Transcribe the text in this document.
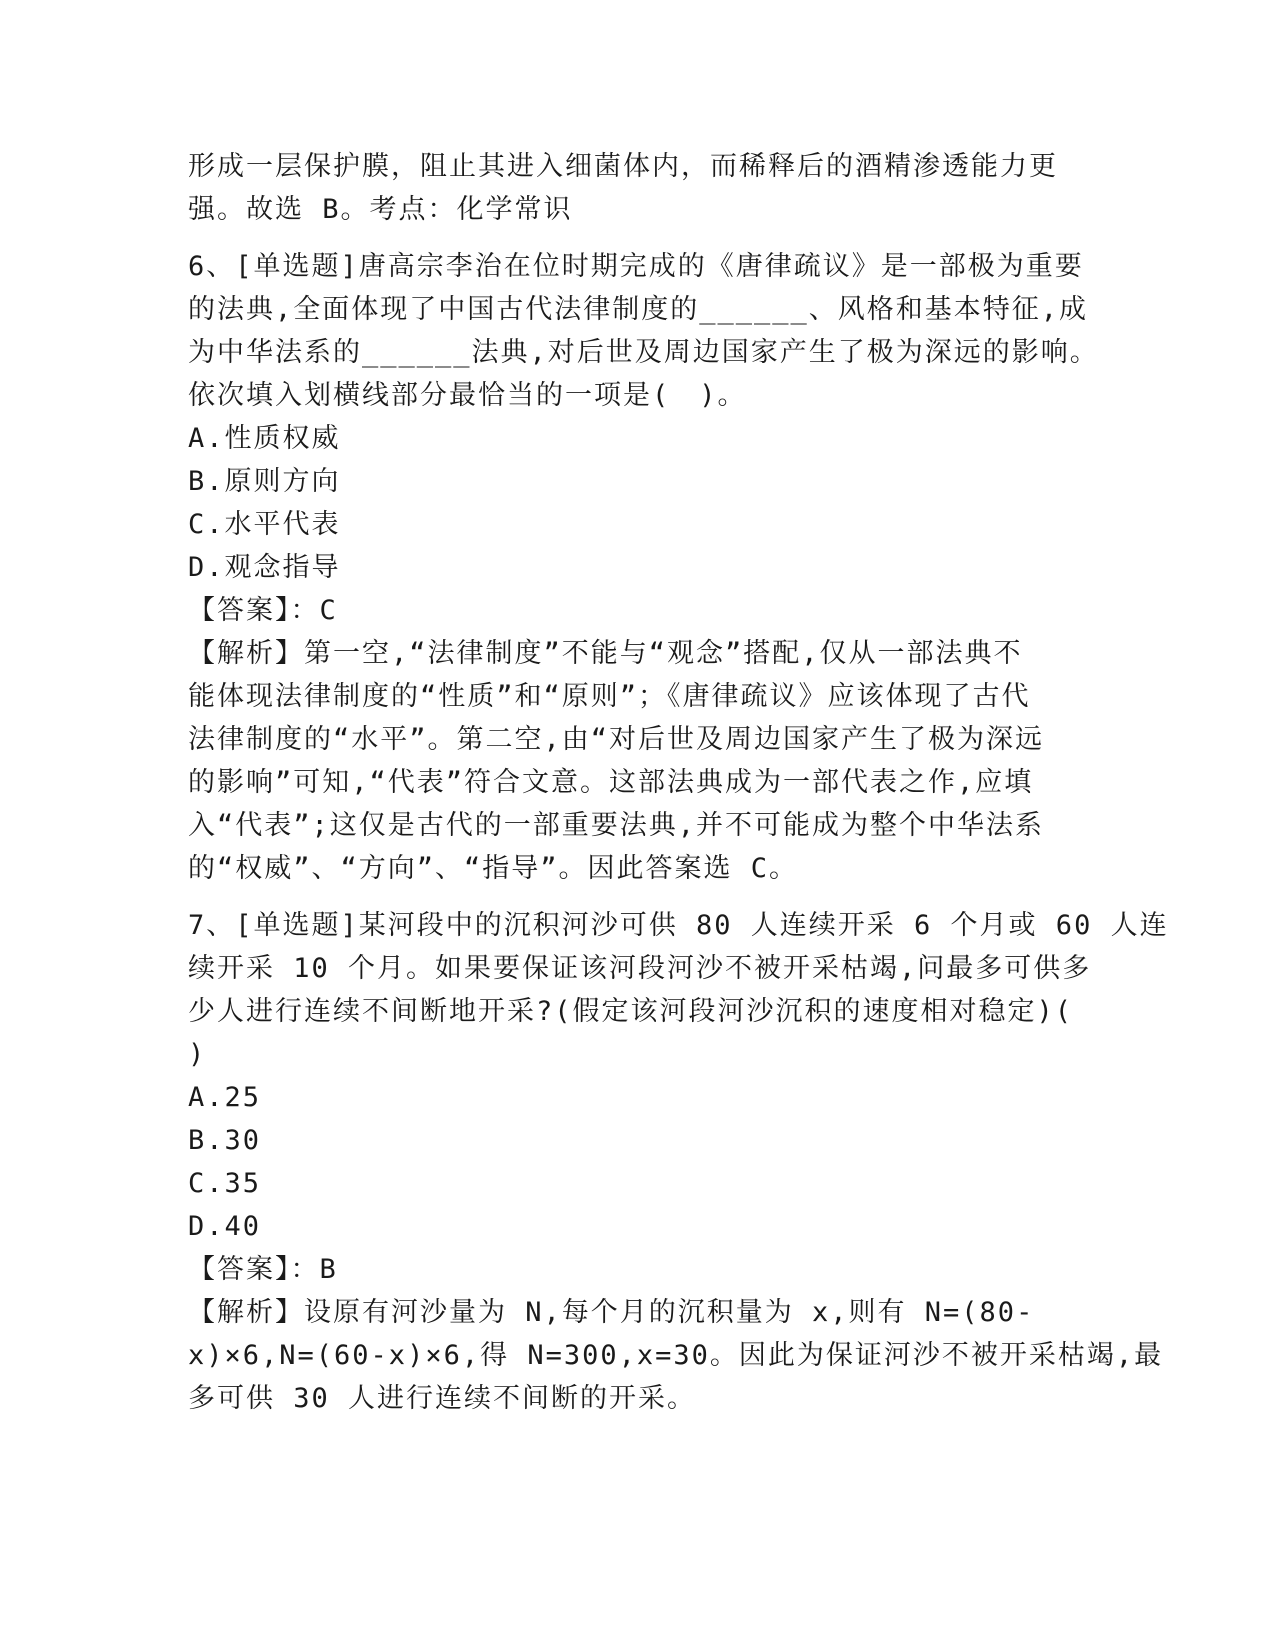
形成一层保护膜，阻止其进入细菌体内，而稀释后的酒精渗透能力更
强。故选 B。考点：化学常识
6、[单选题]唐高宗李治在位时期完成的《唐律疏议》是一部极为重要
的法典,全面体现了中国古代法律制度的______、风格和基本特征,成
为中华法系的______法典,对后世及周边国家产生了极为深远的影响。
依次填入划横线部分最恰当的一项是(　)。
A.性质权威
B.原则方向
C.水平代表
D.观念指导
【答案】：C
【解析】第一空,“法律制度”不能与“观念”搭配,仅从一部法典不
能体现法律制度的“性质”和“原则”；《唐律疏议》应该体现了古代
法律制度的“水平”。第二空,由“对后世及周边国家产生了极为深远
的影响”可知,“代表”符合文意。这部法典成为一部代表之作,应填
入“代表”;这仅是古代的一部重要法典,并不可能成为整个中华法系
的“权威”、“方向”、“指导”。因此答案选 C。
7、[单选题]某河段中的沉积河沙可供 80 人连续开采 6 个月或 60 人连
续开采 10 个月。如果要保证该河段河沙不被开采枯竭,问最多可供多
少人进行连续不间断地开采?(假定该河段河沙沉积的速度相对稳定)(
)
A.25
B.30
C.35
D.40
【答案】：B
【解析】设原有河沙量为 N,每个月的沉积量为 x,则有 N=(80-
x)×6,N=(60-x)×6,得 N=300,x=30。因此为保证河沙不被开采枯竭,最
多可供 30 人进行连续不间断的开采。
